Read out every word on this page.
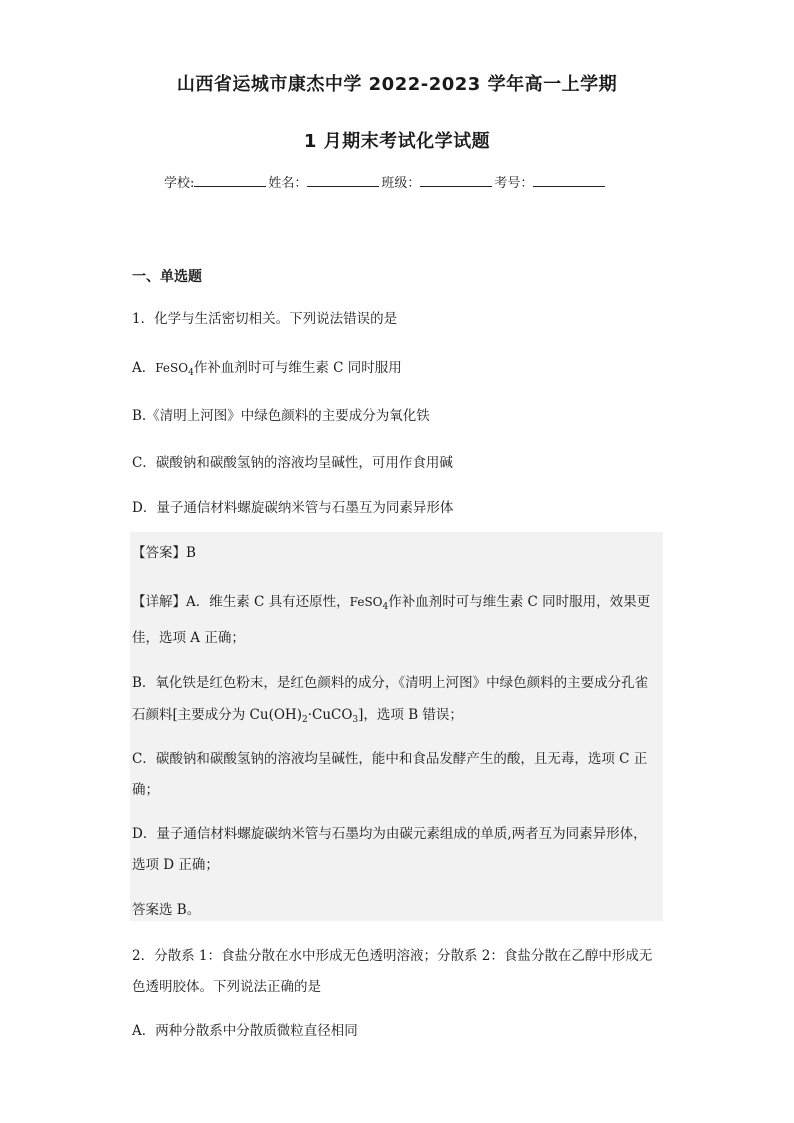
山西省运城市康杰中学 2022-2023 学年高一上学期
1 月期末考试化学试题
学校:	姓名：	班级：	考号：
一、单选题
1．化学与生活密切相关。下列说法错误的是
A．FeSO$_4$作补血剂时可与维生素 C 同时服用
B.《清明上河图》中绿色颜料的主要成分为氧化铁
C．碳酸钠和碳酸氢钠的溶液均呈碱性，可用作食用碱
D．量子通信材料螺旋碳纳米管与石墨互为同素异形体
【答案】B
【详解】A．维生素 C 具有还原性，FeSO$_4$作补血剂时可与维生素 C 同时服用，效果更
佳，选项 A 正确；
B．氧化铁是红色粉末，是红色颜料的成分，《清明上河图》中绿色颜料的主要成分孔雀
石颜料[主要成分为 $Cu(OH)_2\cdot CuCO_3$]，选项 B 错误；
C．碳酸钠和碳酸氢钠的溶液均呈碱性，能中和食品发酵产生的酸，且无毒，选项 C 正
确；
D．量子通信材料螺旋碳纳米管与石墨均为由碳元素组成的单质,两者互为同素异形体，
选项 D 正确；
答案选 B。
2．分散系 1：食盐分散在水中形成无色透明溶液；分散系 2：食盐分散在乙醇中形成无
色透明胶体。下列说法正确的是
A．两种分散系中分散质微粒直径相同
